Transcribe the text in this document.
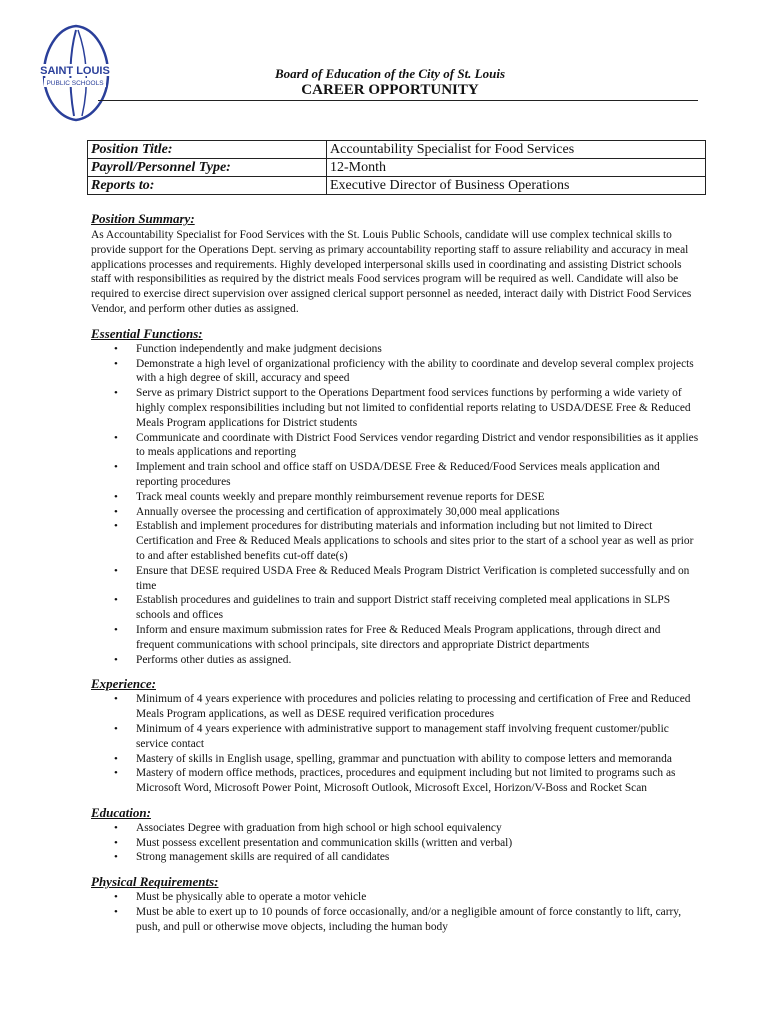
SAINT LOUIS
PUBLIC SCHOOLS
Board of Education of the City of St. Louis
CAREER OPPORTUNITY
Position Title:	Accountability Specialist for Food Services
Payroll/Personnel Type:	12-Month
Reports to:	Executive Director of Business Operations
Position Summary:

As Accountability Specialist for Food Services with the St. Louis Public Schools, candidate will use complex technical skills to provide support for the Operations Dept. serving as primary accountability reporting staff to assure reliability and accuracy in meal applications processes and requirements. Highly developed interpersonal skills used in coordinating and assisting District schools staff with responsibilities as required by the district meals Food services program will be required as well. Candidate will also be required to exercise direct supervision over assigned clerical support personnel as needed, interact daily with District Food Services Vendor, and perform other duties as assigned.

Essential Functions:
• Function independently and make judgment decisions
• Demonstrate a high level of organizational proficiency with the ability to coordinate and develop several complex projects with a high degree of skill, accuracy and speed
• Serve as primary District support to the Operations Department food services functions by performing a wide variety of highly complex responsibilities including but not limited to confidential reports relating to USDA/DESE Free & Reduced Meals Program applications for District students
• Communicate and coordinate with District Food Services vendor regarding District and vendor responsibilities as it applies to meals applications and reporting
• Implement and train school and office staff on USDA/DESE Free & Reduced/Food Services meals application and reporting procedures
• Track meal counts weekly and prepare monthly reimbursement revenue reports for DESE
• Annually oversee the processing and certification of approximately 30,000 meal applications
• Establish and implement procedures for distributing materials and information including but not limited to Direct Certification and Free & Reduced Meals applications to schools and sites prior to the start of a school year as well as prior to and after established benefits cut-off date(s)
• Ensure that DESE required USDA Free & Reduced Meals Program District Verification is completed successfully and on time
• Establish procedures and guidelines to train and support District staff receiving completed meal applications in SLPS schools and offices
• Inform and ensure maximum submission rates for Free & Reduced Meals Program applications, through direct and frequent communications with school principals, site directors and appropriate District departments
• Performs other duties as assigned.
Experience:
• Minimum of 4 years experience with procedures and policies relating to processing and certification of Free and Reduced Meals Program applications, as well as DESE required verification procedures
• Minimum of 4 years experience with administrative support to management staff involving frequent customer/public service contact
• Mastery of skills in English usage, spelling, grammar and punctuation with ability to compose letters and memoranda
• Mastery of modern office methods, practices, procedures and equipment including but not limited to programs such as Microsoft Word, Microsoft Power Point, Microsoft Outlook, Microsoft Excel, Horizon/V-Boss and Rocket Scan
Education:
• Associates Degree with graduation from high school or high school equivalency
• Must possess excellent presentation and communication skills (written and verbal)
• Strong management skills are required of all candidates
Physical Requirements:
• Must be physically able to operate a motor vehicle
• Must be able to exert up to 10 pounds of force occasionally, and/or a negligible amount of force constantly to lift, carry, push, and pull or otherwise move objects, including the human body
